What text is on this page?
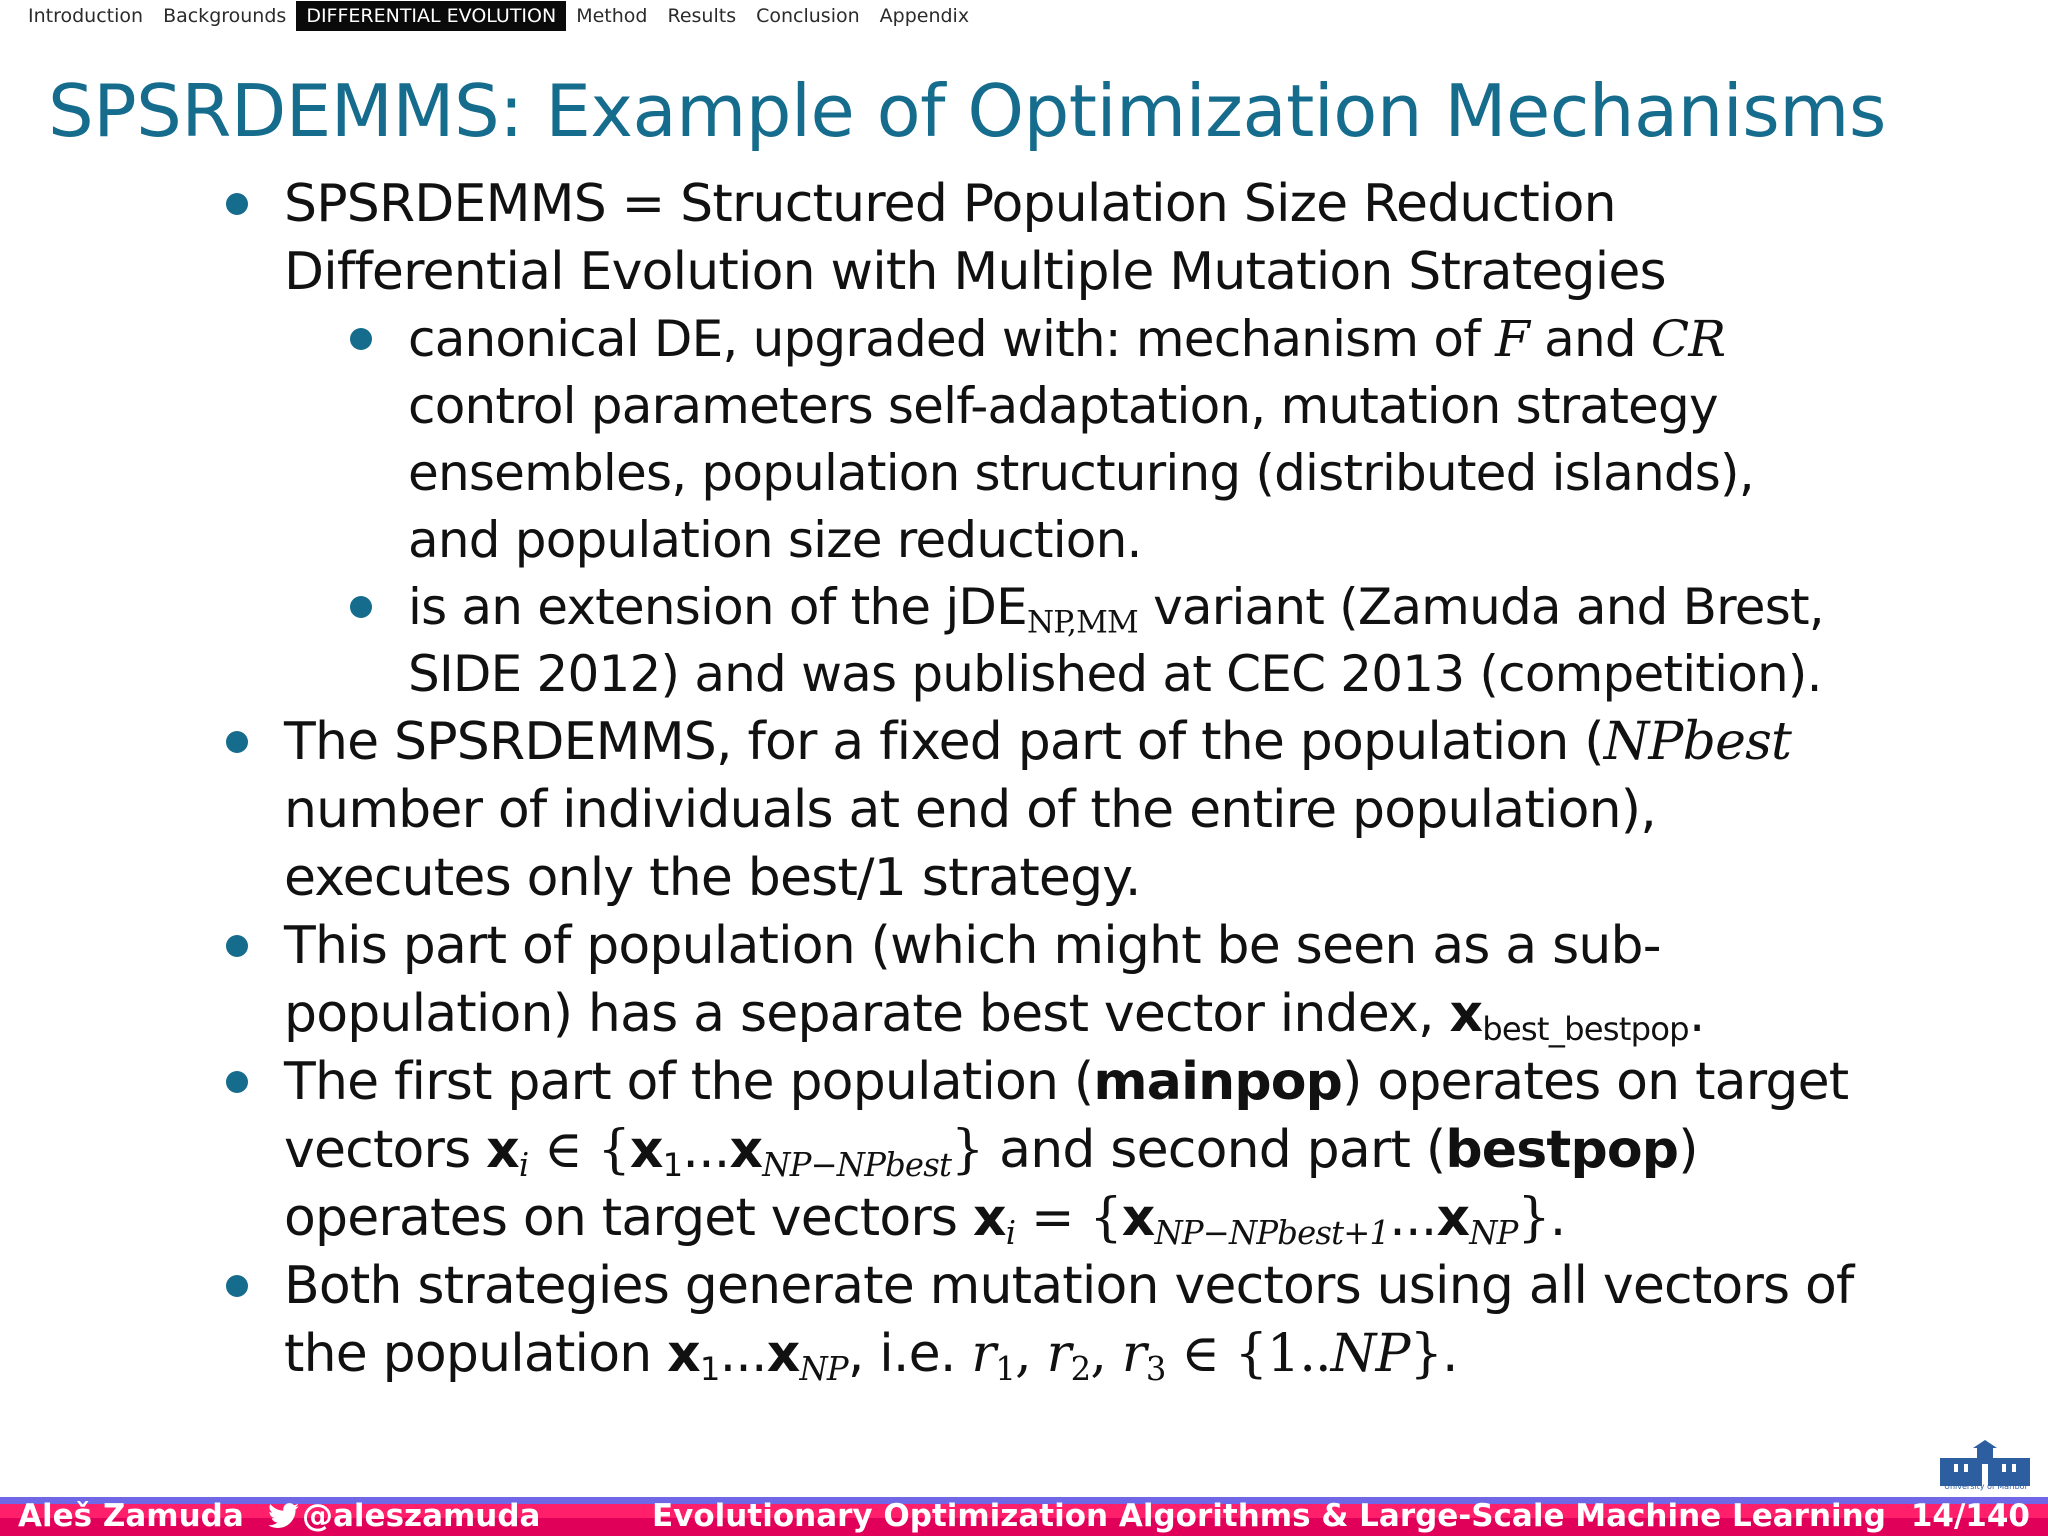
Introduction	Backgrounds	DIFFERENTIAL EVOLUTION	Method	Results	Conclusion	Appendix
SPSRDEMMS: Example of Optimization Mechanisms

SPSRDEMMS = Structured Population Size Reduction Differential Evolution with Multiple Mutation Strategies

canonical DE, upgraded with: mechanism of F and CR control parameters self-adaptation, mutation strategy ensembles, population structuring (distributed islands), and population size reduction.

is an extension of the jDE$_{NP,MM}$ variant (Zamuda and Brest, SIDE 2012) and was published at CEC 2013 (competition).

The SPSRDEMMS, for a fixed part of the population (NPbest number of individuals at end of the entire population), executes only the best/1 strategy.

This part of population (which might be seen as a sub-population) has a separate best vector index, $x_{best\_bestpop}$.

The first part of the population (mainpop) operates on target vectors $x_i$ ∈ $\{x_1...x_{NP-NPbest}\}$ and second part (bestpop) operates on target vectors $x_i = \{x_{NP-NPbest+1}...x_{NP}\}$.

Both strategies generate mutation vectors using all vectors of the population $x_1...x_{NP}$, i.e. $r_1$, $r_2$, $r_3$ ∈ {1..NP}.

University of Maribor
Aleš Zamuda @aleszamuda	Evolutionary Optimization Algorithms & Large-Scale Machine Learning 14/140
